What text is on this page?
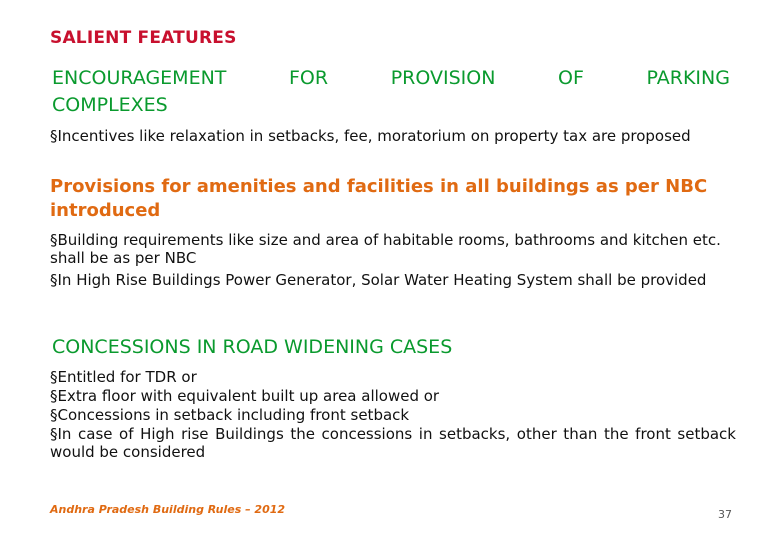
SALIENT FEATURES
ENCOURAGEMENT	FOR	PROVISION	OF	PARKING
COMPLEXES
§Incentives like relaxation in setbacks, fee, moratorium on property tax are proposed
Provisions for amenities and facilities in all buildings as per NBC introduced
§Building requirements like size and area of habitable rooms, bathrooms and kitchen etc. shall be as per NBC
§In High Rise Buildings Power Generator, Solar Water Heating System shall be provided
CONCESSIONS IN ROAD WIDENING CASES
§Entitled for TDR or
§Extra floor with equivalent built up area allowed or
§Concessions in setback including front setback
§In case of High rise Buildings the concessions in setbacks, other than the front setback would be considered
Andhra Pradesh Building Rules – 2012	37
